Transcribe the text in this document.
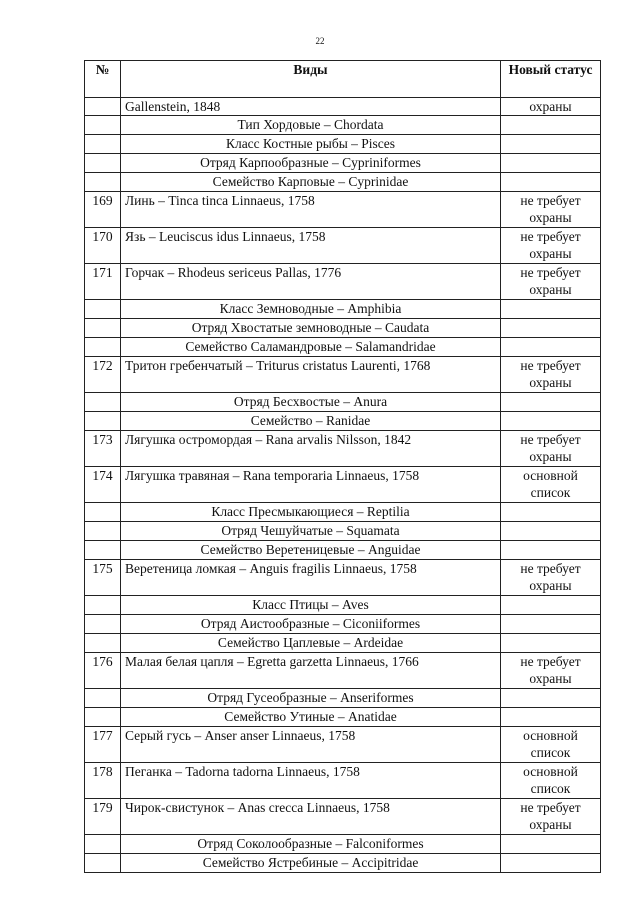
22
№	Виды	Новый статус
	Gallenstein, 1848	охраны
	Тип Хордовые – Chordata	
	Класс Костные рыбы – Pisces	
	Отряд Карпообразные – Cypriniformes	
	Семейство Карповые – Cyprinidae	
169	Линь – Tinca tinca Linnaeus, 1758	не требует охраны
170	Язь – Leuciscus idus Linnaeus, 1758	не требует охраны
171	Горчак – Rhodeus sericeus Pallas, 1776	не требует охраны
	Класс Земноводные – Amphibia	
	Отряд Хвостатые земноводные – Caudata	
	Семейство Саламандровые – Salamandridae	
172	Тритон гребенчатый – Triturus cristatus Laurenti, 1768	не требует охраны
	Отряд Бесхвостые – Anura	
	Семейство – Ranidae	
173	Лягушка остромордая – Rana arvalis Nilsson, 1842	не требует охраны
174	Лягушка травяная – Rana temporaria Linnaeus, 1758	основной список
	Класс Пресмыкающиеся – Reptilia	
	Отряд Чешуйчатые – Squamata	
	Семейство Веретеницевые – Anguidae	
175	Веретеница ломкая – Anguis fragilis Linnaeus, 1758	не требует охраны
	Класс Птицы – Aves	
	Отряд Аистообразные – Ciconiiformes	
	Семейство Цаплевые – Ardeidae	
176	Малая белая цапля – Egretta garzetta Linnaeus, 1766	не требует охраны
	Отряд Гусеобразные – Anseriformes	
	Семейство Утиные – Anatidae	
177	Серый гусь – Anser anser Linnaeus, 1758	основной список
178	Пеганка – Tadorna tadorna Linnaeus, 1758	основной список
179	Чирок-свистунок – Anas crecca Linnaeus, 1758	не требует охраны
	Отряд Соколообразные – Falconiformes	
	Семейство Ястребиные – Accipitridae	
